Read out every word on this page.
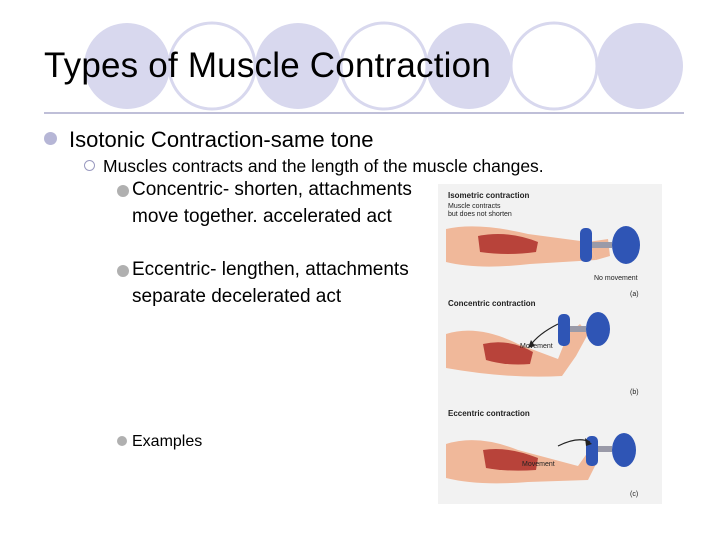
Types of Muscle Contraction
Isotonic Contraction-same tone
Muscles contracts and the length of the muscle changes.
Concentric- shorten, attachments move together. accelerated act
Eccentric- lengthen, attachments separate decelerated act
Examples
Isometric contraction
Muscle contracts
but does not shorten
No movement
(a)
Concentric contraction
Movement
(b)
Eccentric contraction
Movement
(c)
